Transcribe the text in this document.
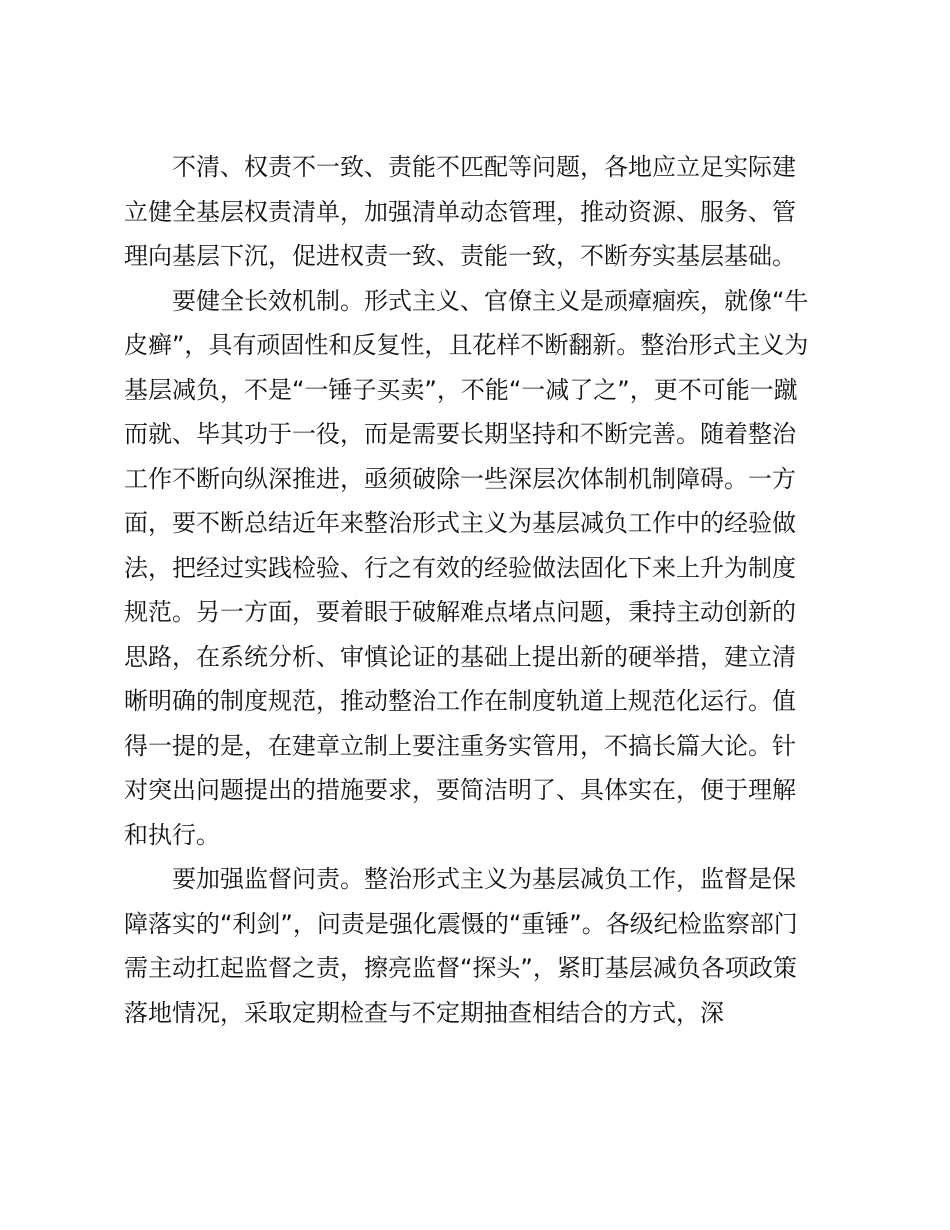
不清、权责不一致、责能不匹配等问题，各地应立足实际建
立健全基层权责清单，加强清单动态管理，推动资源、服务、管
理向基层下沉，促进权责一致、责能一致，不断夯实基层基础。
要健全长效机制。形式主义、官僚主义是顽瘴痼疾，就像“牛
皮癣”，具有顽固性和反复性，且花样不断翻新。整治形式主义为
基层减负，不是“一锤子买卖”，不能“一减了之”，更不可能一蹴
而就、毕其功于一役，而是需要长期坚持和不断完善。随着整治
工作不断向纵深推进，亟须破除一些深层次体制机制障碍。一方
面，要不断总结近年来整治形式主义为基层减负工作中的经验做
法，把经过实践检验、行之有效的经验做法固化下来上升为制度
规范。另一方面，要着眼于破解难点堵点问题，秉持主动创新的
思路，在系统分析、审慎论证的基础上提出新的硬举措，建立清
晰明确的制度规范，推动整治工作在制度轨道上规范化运行。值
得一提的是，在建章立制上要注重务实管用，不搞长篇大论。针
对突出问题提出的措施要求，要简洁明了、具体实在，便于理解
和执行。
要加强监督问责。整治形式主义为基层减负工作，监督是保
障落实的“利剑”，问责是强化震慑的“重锤”。各级纪检监察部门
需主动扛起监督之责，擦亮监督“探头”，紧盯基层减负各项政策
落地情况，采取定期检查与不定期抽查相结合的方式，深
